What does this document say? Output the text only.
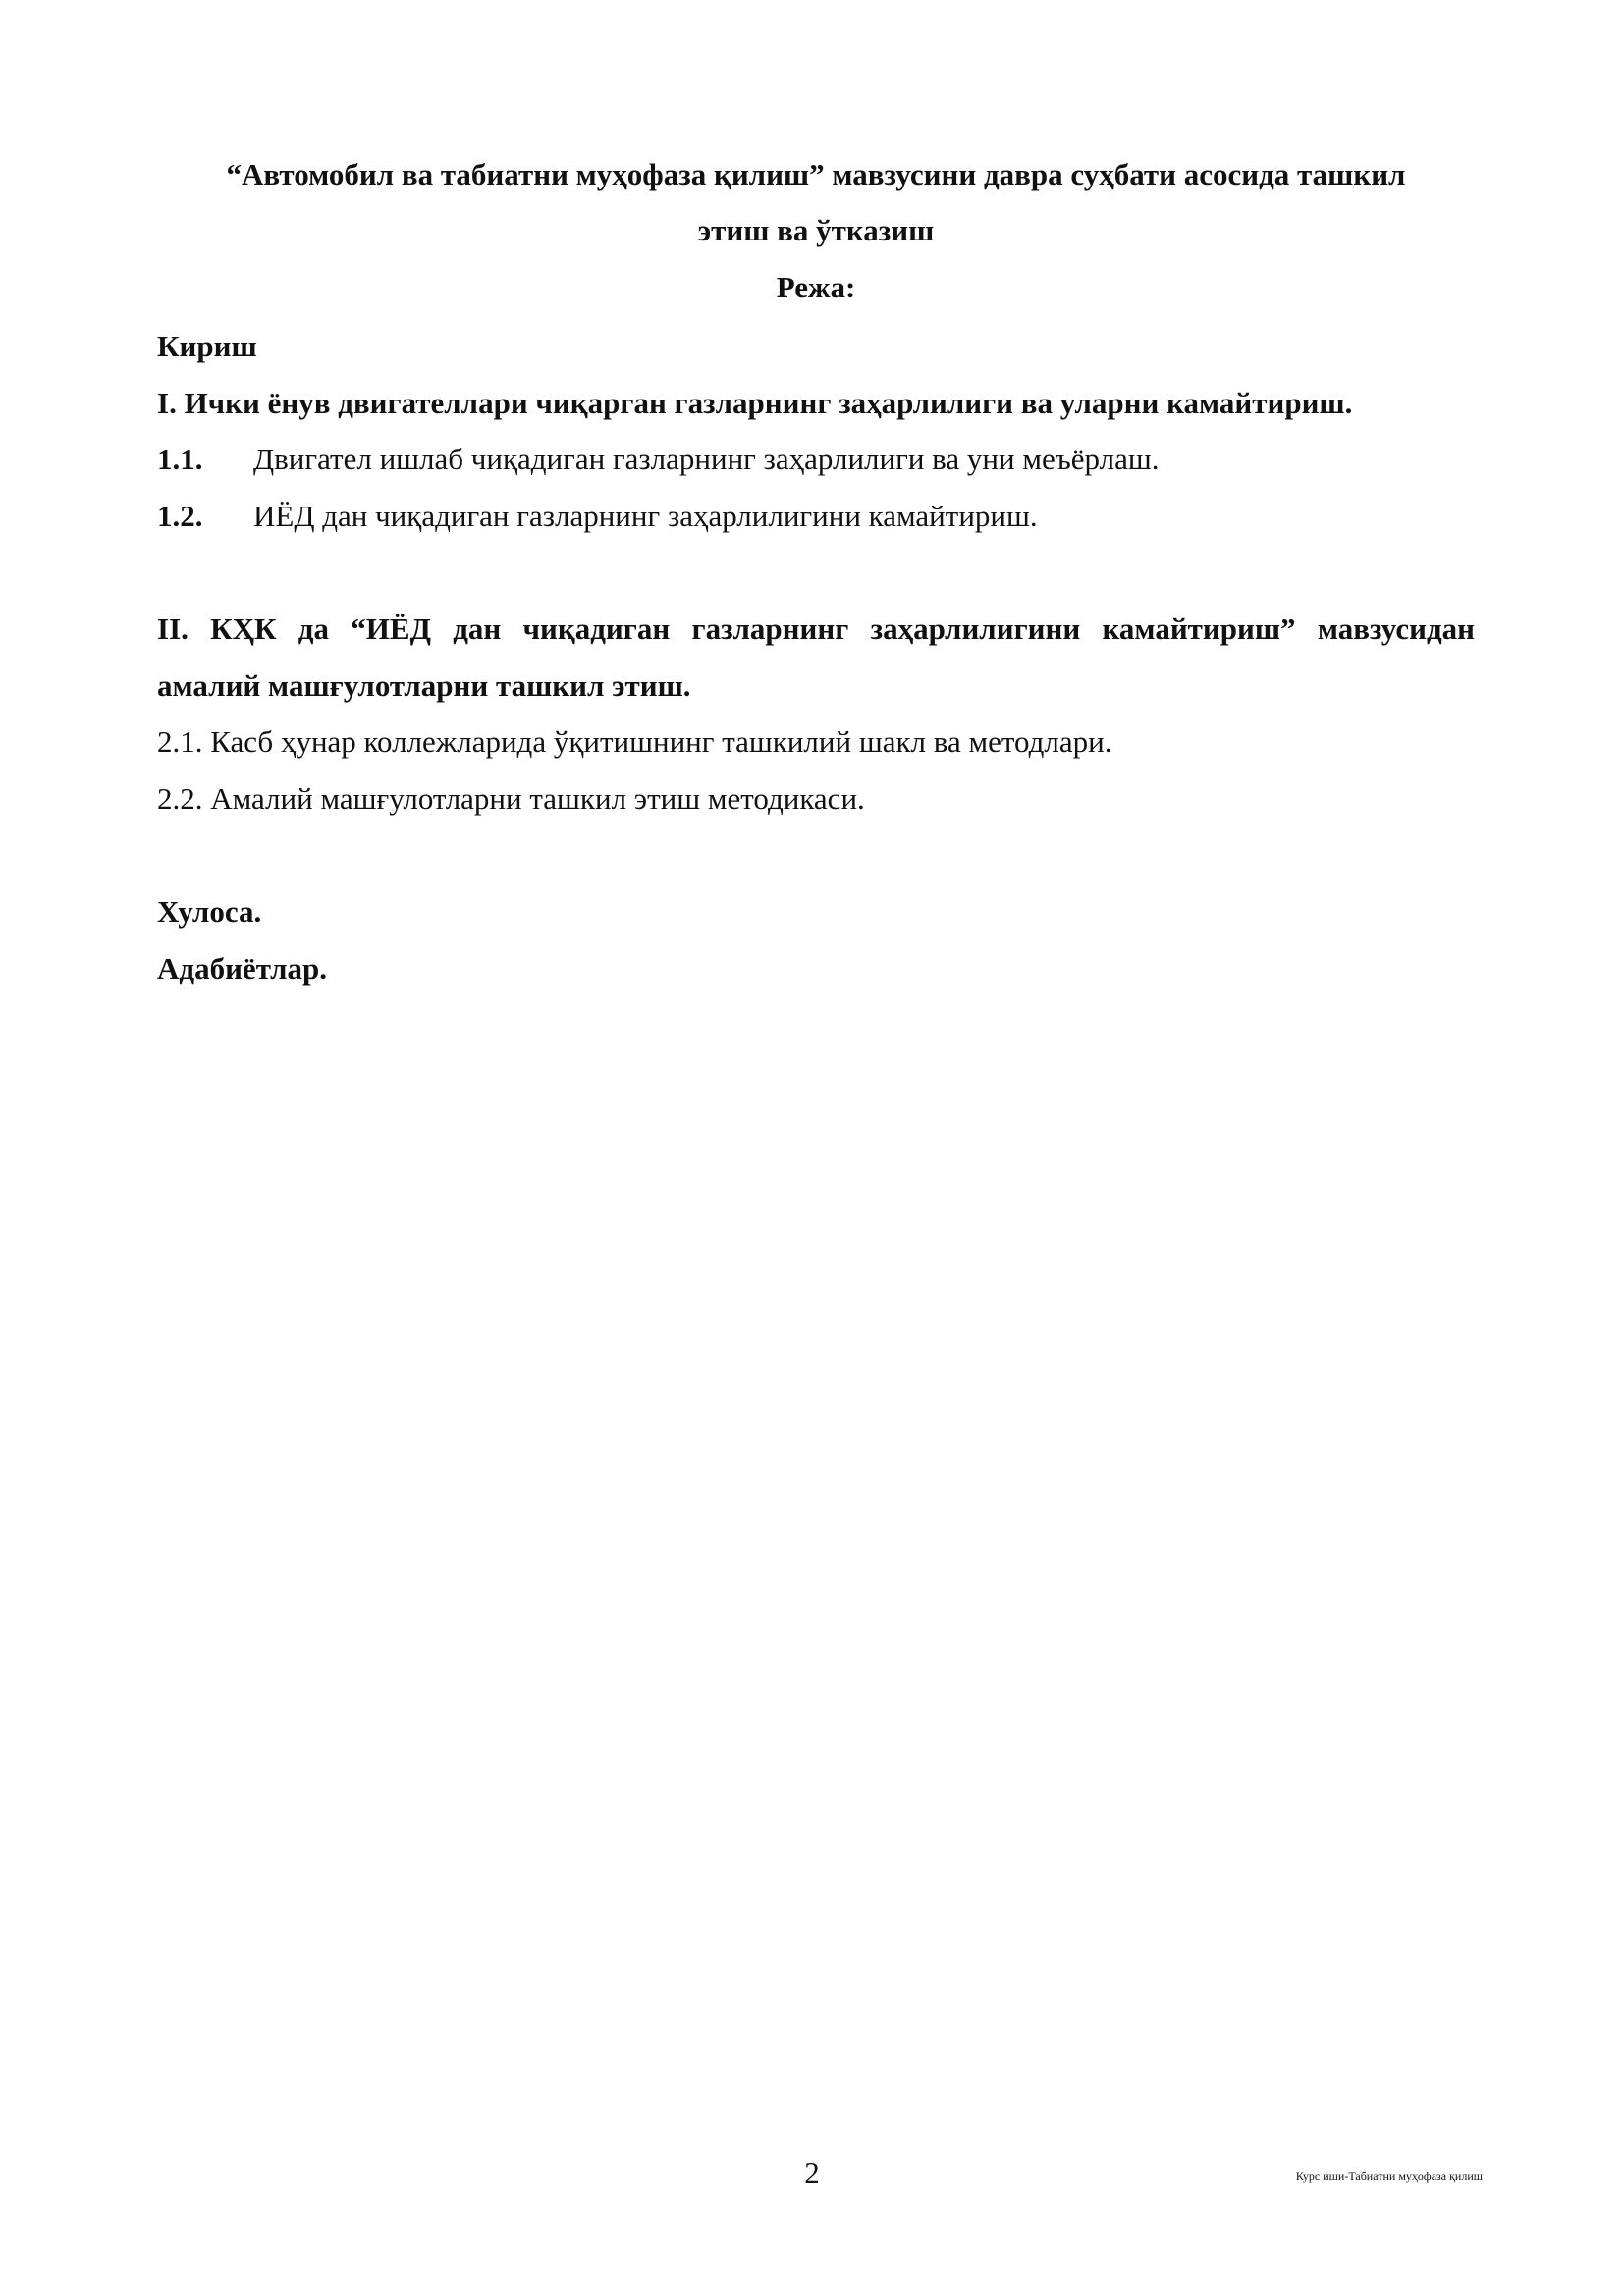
“Автомобил ва табиатни муҳофаза қилиш” мавзусини давра суҳбати асосида ташкил
этиш ва ўтказиш
Режа:
Кириш
I. Ички ёнув двигателлари чиқарган газларнинг заҳарлилиги ва уларни камайтириш.
1.1. Двигател ишлаб чиқадиган газларнинг заҳарлилиги ва уни меъёрлаш.
1.2. ИЁД дан чиқадиган газларнинг заҳарлилигини камайтириш.
II. КҲК да “ИЁД дан чиқадиган газларнинг заҳарлилигини камайтириш” мавзусидан
амалий машғулотларни ташкил этиш.
2.1. Касб ҳунар коллежларида ўқитишнинг ташкилий шакл ва методлари.
2.2. Амалий машғулотларни ташкил этиш методикаси.
Хулоса.
Адабиётлар.
2	Курс иши-Табиатни муҳофаза қилиш
